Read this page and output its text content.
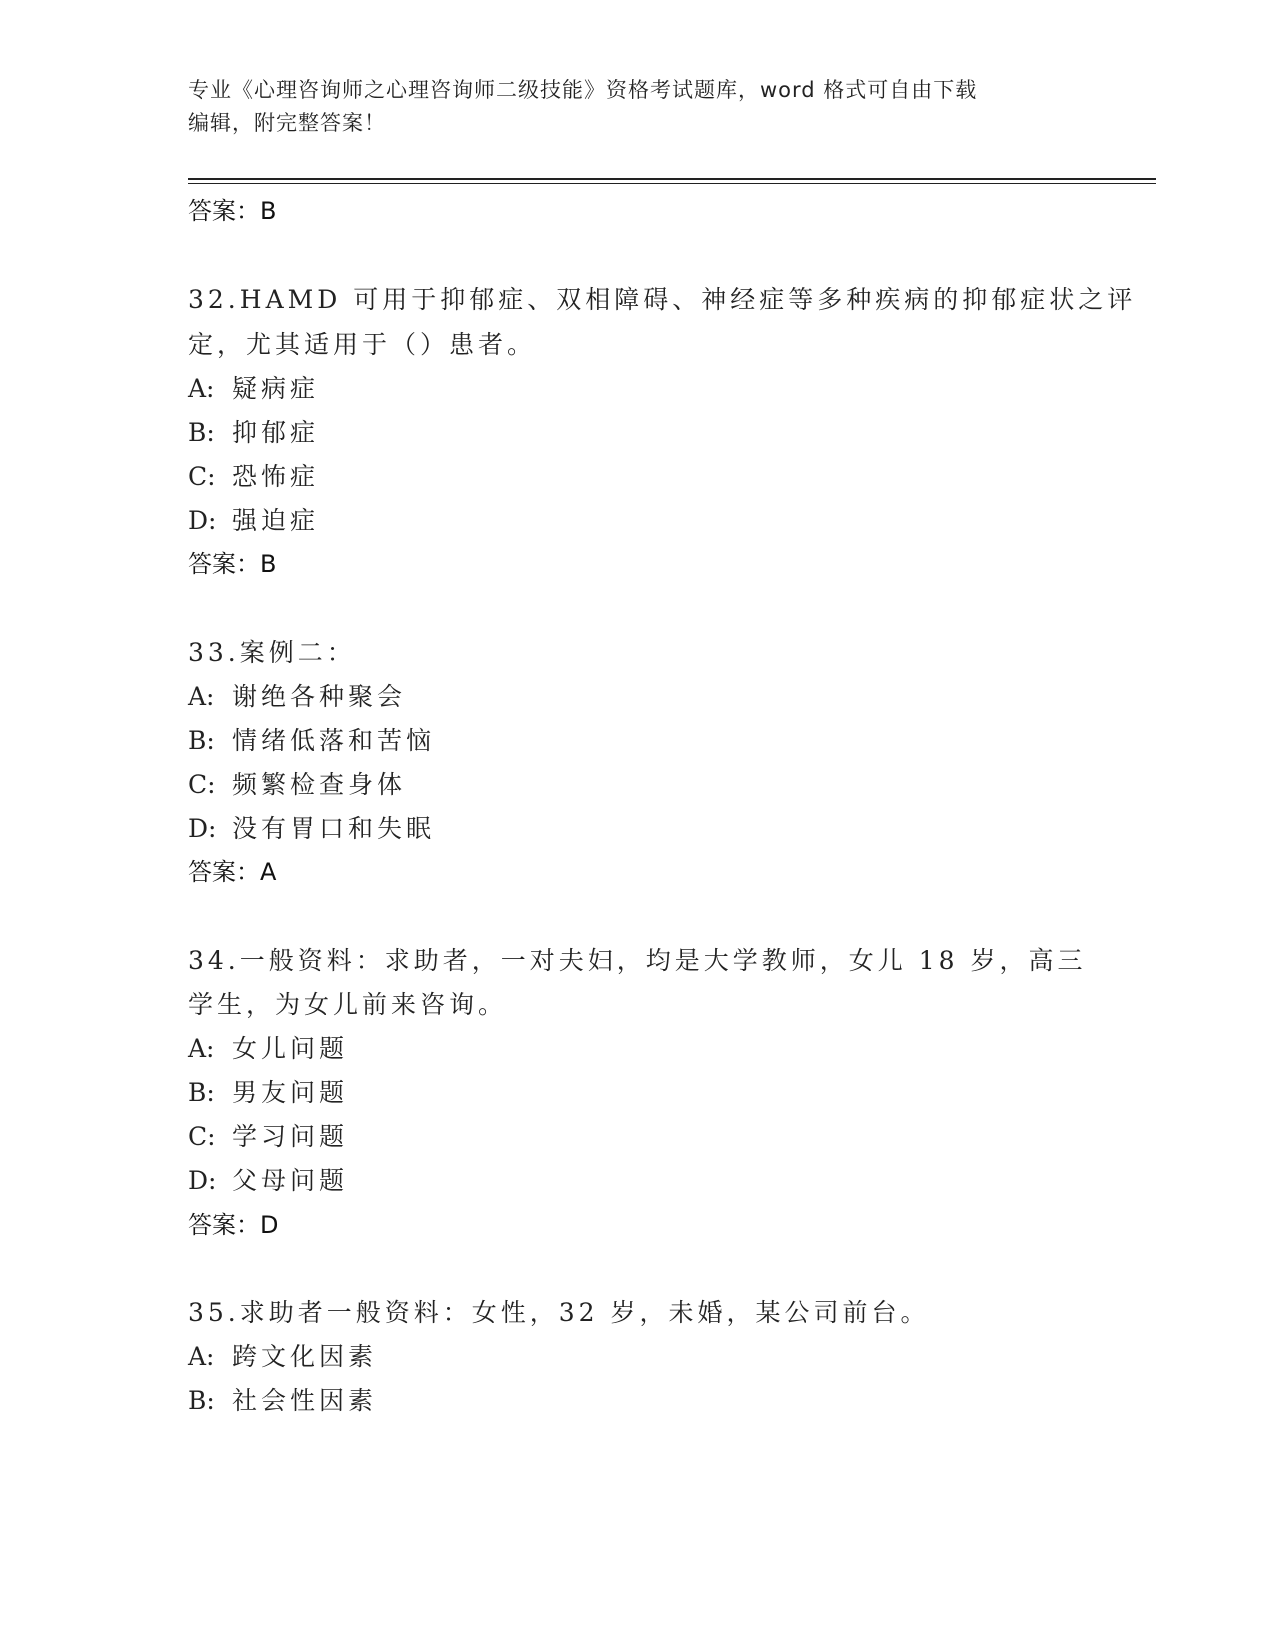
专业《心理咨询师之心理咨询师二级技能》资格考试题库，word 格式可自由下载
编辑，附完整答案！
答案：B
32.HAMD 可用于抑郁症、双相障碍、神经症等多种疾病的抑郁症状之评
定，尤其适用于（）患者。
A: 疑病症
B: 抑郁症
C: 恐怖症
D: 强迫症
答案：B
33.案例二：
A: 谢绝各种聚会
B: 情绪低落和苦恼
C: 频繁检查身体
D: 没有胃口和失眠
答案：A
34.一般资料：求助者，一对夫妇，均是大学教师，女儿 18 岁，高三
学生，为女儿前来咨询。
A: 女儿问题
B: 男友问题
C: 学习问题
D: 父母问题
答案：D
35.求助者一般资料：女性，32 岁，未婚，某公司前台。
A: 跨文化因素
B: 社会性因素
